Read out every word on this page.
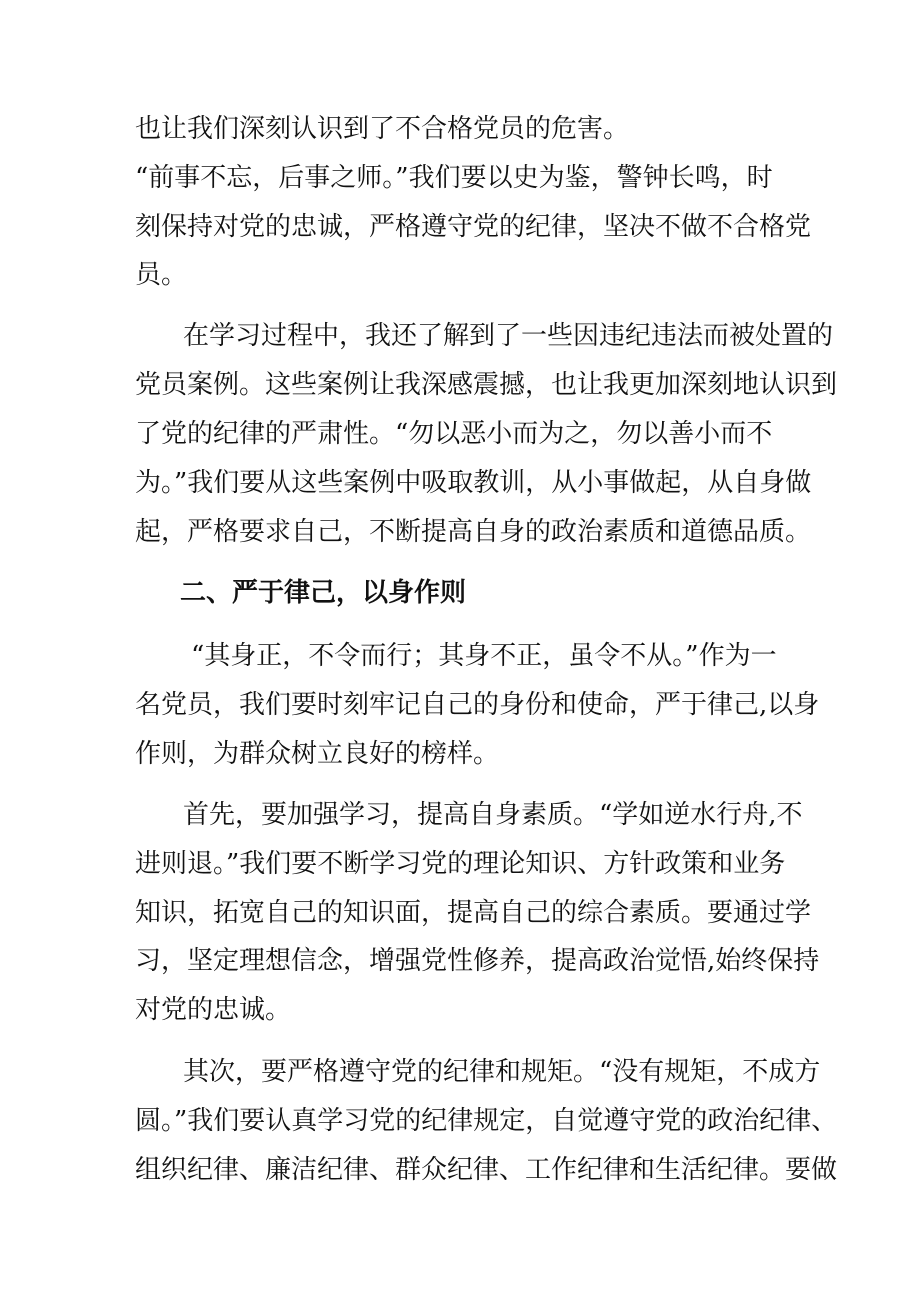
也让我们深刻认识到了不合格党员的危害。
“前事不忘，后事之师。”我们要以史为鉴，警钟长鸣，时
刻保持对党的忠诚，严格遵守党的纪律，坚决不做不合格党
员。
在学习过程中，我还了解到了一些因违纪违法而被处置的
党员案例。这些案例让我深感震撼，也让我更加深刻地认识到
了党的纪律的严肃性。“勿以恶小而为之，勿以善小而不
为。”我们要从这些案例中吸取教训，从小事做起，从自身做
起，严格要求自己，不断提高自身的政治素质和道德品质。
二、严于律己，以身作则
“其身正，不令而行；其身不正，虽令不从。”作为一
名党员，我们要时刻牢记自己的身份和使命，严于律己,以身
作则，为群众树立良好的榜样。
首先，要加强学习，提高自身素质。“学如逆水行舟,不
进则退。”我们要不断学习党的理论知识、方针政策和业务
知识，拓宽自己的知识面，提高自己的综合素质。要通过学
习，坚定理想信念，增强党性修养，提高政治觉悟,始终保持
对党的忠诚。
其次，要严格遵守党的纪律和规矩。“没有规矩，不成方
圆。”我们要认真学习党的纪律规定，自觉遵守党的政治纪律、
组织纪律、廉洁纪律、群众纪律、工作纪律和生活纪律。要做
